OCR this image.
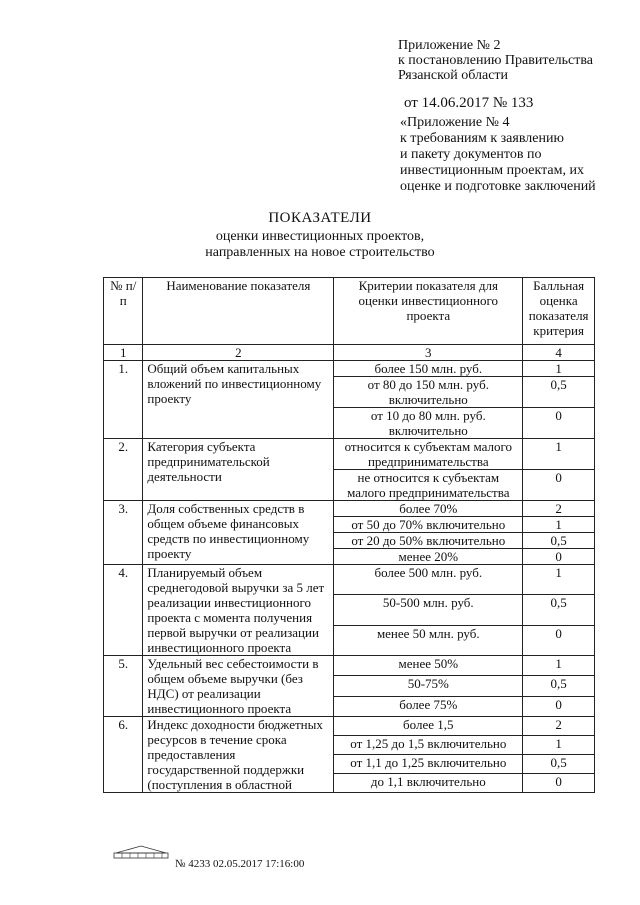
Приложение № 2
к постановлению Правительства
Рязанской области
от 14.06.2017 № 133
«Приложение № 4
к требованиям к заявлению
и пакету документов по
инвестиционным проектам, их
оценке и подготовке заключений
ПОКАЗАТЕЛИ
оценки инвестиционных проектов,
направленных на новое строительство
№ п/п	Наименование показателя	Критерии показателя для оценки инвестиционного проекта	Балльная оценка показателя критерия
1	2	3	4
1.	Общий объем капитальных вложений по инвестиционному проекту	более 150 млн. руб.	1
		от 80 до 150 млн. руб. включительно	0,5
		от 10 до 80 млн. руб. включительно	0
2.	Категория субъекта предпринимательской деятельности	относится к субъектам малого предпринимательства	1
		не относится к субъектам малого предпринимательства	0
3.	Доля собственных средств в общем объеме финансовых средств по инвестиционному проекту	более 70%	2
		от 50 до 70% включительно	1
		от 20 до 50% включительно	0,5
		менее 20%	0
4.	Планируемый объем среднегодовой выручки за 5 лет реализации инвестиционного проекта с момента получения первой выручки от реализации инвестиционного проекта	более 500 млн. руб.	1
		50-500 млн. руб.	0,5
		менее 50 млн. руб.	0
5.	Удельный вес себестоимости в общем объеме выручки (без НДС) от реализации инвестиционного проекта	менее 50%	1
		50-75%	0,5
		более 75%	0
6.	Индекс доходности бюджетных ресурсов в течение срока предоставления государственной поддержки (поступления в областной	более 1,5	2
		от 1,25 до 1,5 включительно	1
		от 1,1 до 1,25 включительно	0,5
		до 1,1 включительно	0
№ 4233 02.05.2017 17:16:00
